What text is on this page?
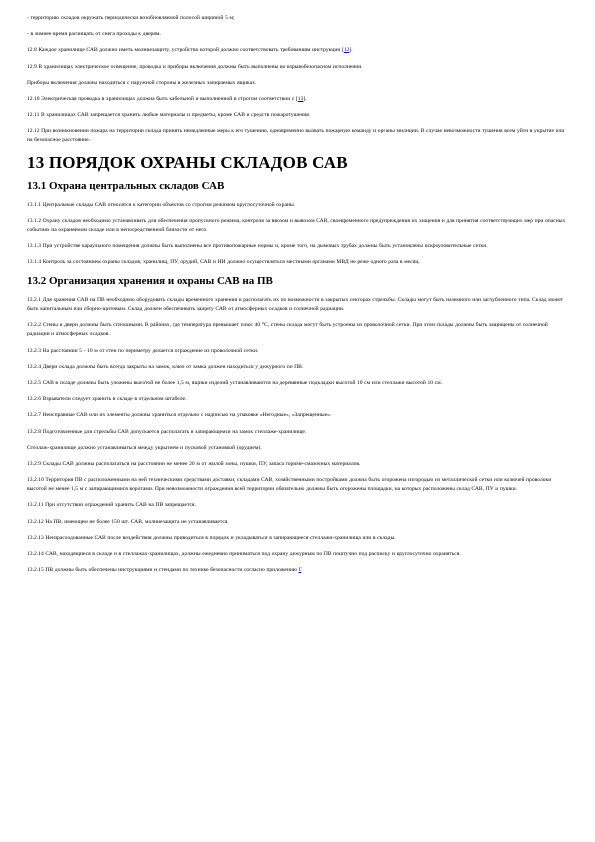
- территорию складов окружать периодически возобновляемой полосой шириной 5 м;

- в зимнее время расчищать от снега проходы к дверям.

12.8 Каждое хранилище САВ должно иметь молниезащиту, устройство которой должно соответствовать требованиям инструкции [12].

12.9 В хранилищах электрическое освещение, проводка и приборы включения должны быть выполнены во взрывобезопасном исполнении.

Приборы включения должны находиться с наружной стороны в железных запираемых ящиках.

12.10 Электрическая проводка в хранилищах должна быть кабельной и выполненной в строгом соответствии с [13].

12.11 В хранилищах САВ запрещается хранить любые материалы и предметы, кроме САВ и средств пожаротушения.

12.12 При возникновении пожара на территории склада принять немедленные меры к его тушению, одновременно вызвать пожарную команду и органы милиции. В случае невозможности тушения всем уйти в укрытие или на безопасное расстояние.

13 ПОРЯДОК ОХРАНЫ СКЛАДОВ САВ
13.1 Охрана центральных складов САВ

13.1.1 Центральные склады САВ относятся к категории объектов со строгим режимом круглосуточной охраны.

13.1.2 Охрану складов необходимо устанавливать для обеспечения пропускного режима, контроля за ввозом и вывозом САВ, своевременного предупреждения их хищения и для принятия соответствующих мер при опасных событиях на охраняемом складе или в непосредственной близости от него.

13.1.3 При устройстве караульного помещения должны быть выполнены все противопожарные нормы и, кроме того, на дымовых трубах должны быть установлены искроуловительные сетки.

13.1.4 Контроль за состоянием охраны складов, хранилищ, ПУ, орудий, САВ и НИ должно осуществляться местными органами МВД не реже одного раза в месяц.

13.2 Организация хранения и охраны САВ на ПВ

13.2.1 Для хранения САВ на ПВ необходимо оборудовать склады временного хранения и располагать их по возможности в закрытых секторах стрельбы. Склады могут быть наземного или заглубленного типа. Склад может быть капитальным или сборно-щитовым. Склад должен обеспечивать защиту САВ от атмосферных осадков и солнечной радиации.

13.2.2 Стены и двери должны быть сплошными. В районах, где температура превышает плюс 40 °С, стены склада могут быть устроены из проволочной сетки. При этом склады должны быть защищены от солнечной радиации и атмосферных осадков.

13.2.3 На расстоянии 5 - 10 м от стен по периметру делается ограждение из проволочной сетки.

13.2.4 Двери склада должны быть всегда закрыты на замок, ключ от замка должен находиться у дежурного по ПВ.

13.2.5 САВ в складе должны быть уложены высотой не более 1,5 м, ящики изделий устанавливаются на деревянные подкладки высотой 10 см или стеллажи высотой 10 см.

13.2.6 Взрыватели следует хранить в складе в отдельном штабеле.

13.2.7 Неисправные САВ или их элементы должны храниться отдельно с надписью на упаковке «Негодные», «Запрещенные».

13.2.8 Подготовленные для стрельбы САВ допускается располагать в запирающемся на замок стеллаже-хранилище.

Стеллаж-хранилище должно устанавливаться между укрытием и пусковой установкой (орудием).

13.2.9 Склады САВ должны располагаться на расстоянии не менее 20 м от жилой зоны, пушки, ПУ, запаса горюче-смазочных материалов.

13.2.10 Территория ПВ с расположенными на ней техническими средствами доставки, складами САВ, хозяйственными постройками должна быть огорожена изгородью из металлической сетки или колючей проволоки высотой не менее 1,5 м с запирающимися воротами. При невозможности ограждения всей территории обязательно должны быть огорожены площадки, на которых расположены склад САВ, ПУ и пушки.

13.2.11 При отсутствии ограждений хранить САВ на ПВ запрещается.

13.2.12 На ПВ, имеющем не более 150 шт. САВ, молниезащита не устанавливается.

13.2.13 Неизрасходованные САВ после воздействия должны приводиться в порядок и укладываться в запирающиеся стеллажи-хранилища или в склады.

13.2.14 САВ, находящиеся в складе и в стеллажах-хранилищах, должны ежедневно приниматься под охрану дежурным по ПВ поштучно под расписку и круглосуточно охраняться.

13.2.15 ПВ должны быть обеспечены инструкциями и стендами по технике безопасности согласно приложению Г.
